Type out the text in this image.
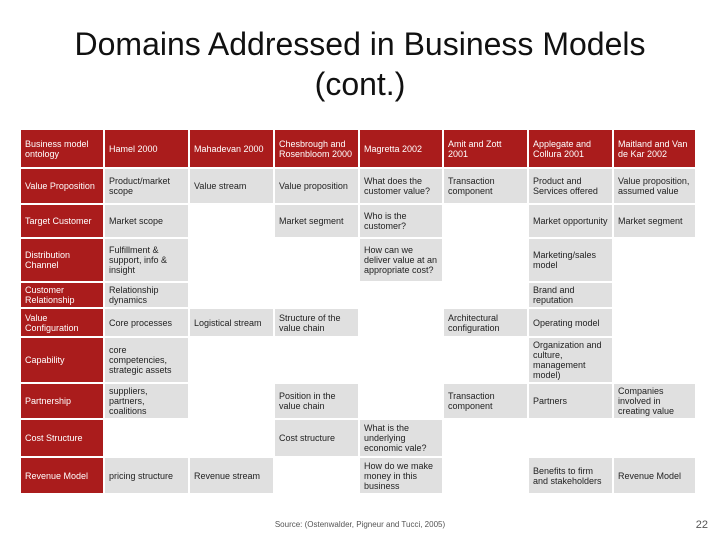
Domains Addressed in Business Models (cont.)
Business model ontology	Hamel 2000	Mahadevan 2000	Chesbrough and Rosenbloom 2000	Magretta 2002	Amit and Zott 2001	Applegate and Collura 2001	Maitland and Van de Kar 2002
Value Proposition	Product/market scope	Value stream	Value proposition	What does the customer value?	Transaction component	Product and Services offered	Value proposition, assumed value
Target Customer	Market scope		Market segment	Who is the customer?		Market opportunity	Market segment
Distribution Channel	Fulfillment & support, info & insight			How can we deliver value at an appropriate cost?		Marketing/sales model	
Customer Relationship	Relationship dynamics					Brand and reputation	
Value Configuration	Core processes	Logistical stream	Structure of the value chain		Architectural configuration	Operating model	
Capability	core competencies, strategic assets					Organization and culture, management model)	
Partnership	suppliers, partners, coalitions		Position in the value chain		Transaction component	Partners	Companies involved in creating value
Cost Structure			Cost structure	What is the underlying economic vale?			
Revenue Model	pricing structure	Revenue stream		How do we make money in this business		Benefits to firm and stakeholders	Revenue Model
Source: (Ostenwalder, Pigneur and Tucci, 2005)	22
